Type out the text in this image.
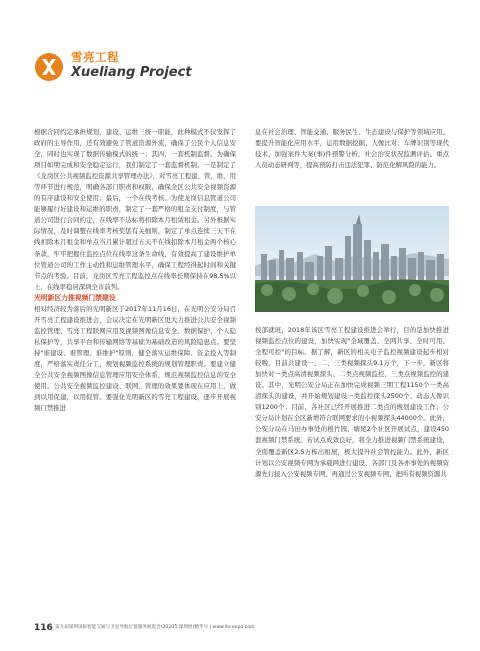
雪亮工程
Xueliang Project

根据合同约定承担规划、建设、运维三统一职能，此种模式不仅发挥了政府的主导作用，还有效避免了管道资源外流，确保了公民个人信息安全，同时也实现了数据传输模式的统一；其四，一套机制监督。为确保项目如期完成和安全稳定运行，我们制定了一套监督机制。一是制定了《龙岗区公共视频监控资源共享管理办法》，对雪亮工程建、管、维、用等环节进行规范，明确各部门职责和权限，确保全区公共安全视频资源的有序建设和安全使用；最后，一个在线考核。为使龙岗信息管道公司能够履行好建设和运维的职责，制定了一套严格的租金支付制度，与管道公司进行合同约定，在线率不达标将扣除本月租赁租金。另外根据实际情况，及时调整在线率考核奖惩有关细则，制定了单点连续三天不在线扣除本月租金和单点当月累计超过五天不在线扣除本月租金两个核心条款，牢牢把握住监控点位在线率这条生命线，有效提高了建设维护单位管道公司的工作主动性和运维管理水平，确保工程经得起时间和关键节点的考验。目前，龙岗区雪亮工程监控点在线率长期保持在98.5%以上，在线率稳居深圳全市前列。

光明新区力推视频门禁建设

相对经济较为落后的光明新区于2017年11月16日，在光明公安分局召开雪亮工程建设推进会，会议决定在光明新区更大力推进公共安全视频监控管理、雪亮工程联网应用及视频图像信息安全、数据保护、个人隐私保护等，共享平台和传输网络等基础为基础改造的风险隐患点。要坚持"谁建设、谁管理、谁维护"原则，健全落实运维保障、资金投入等制度，严格落实责任分工，规划视频监控系统的规划管理职责。要建立健全公共安全视频图像信息管理应用安全体系，规范视频监控信息的安全使用。公共安全视频监控建设、联网、管理的效果要体现在应用上，做到以用促建，以用促管。要强化光明新区的雪亮工程建设，逐步开展视频门禁推进

息在社会治理、智能交通、服务民生、生态建设与保护等领域应用。要提升智能化应用水平，运用数据挖掘、人像比对、车牌识别等现代技术，加强案件大案(事)件预警分析，社会治安状况监测评估、重点人员动态研判等，提高预防打击违法犯罪、防范化解风险的能力。

按部就班，2018年该区雪亮工程建设推进会举行，目的是加快推进视频监控点位的建设，加快实现"全域覆盖、全网共享、全时可用、全程可控"的目标。据了解，新区的相关电子监控视频建设起步相对较晚，目前共建设一、二、三类视频探头9.1万个，下一步，新区将加快对一类点高清视频探头、二类点视频监控、三类点视频监控的建设。其中，光明公安分局正在加快完成视频三期工程1150个一类高清探头的建设，并开始规划建设一类监控探头2500个、动态人像识别1200个；目前，各社区已经开展推进二类点的规划建设工作；公安分局计划在全区新增符合联网要求的小视频探头44000个。此外，公安分局在马田办事处的根竹园、塘尾2个社区开展试点，建设450套视频门禁系统。若试点成效良好，将全力推进视频门禁系统建设，全面覆盖新区2.5万栋出租屋，极大提升社会管控能力。此外，新区计划以公安视频专网为承载网进行建设，各部门及各亦事处的视频资源先行接入公安视频专网，再通过公安视频专网，把所有视频资源共

116 第九届深圳国际智能交通与卫星导航位置服务展览会(2020年深圳展)精华号 | www.its-expo.com
